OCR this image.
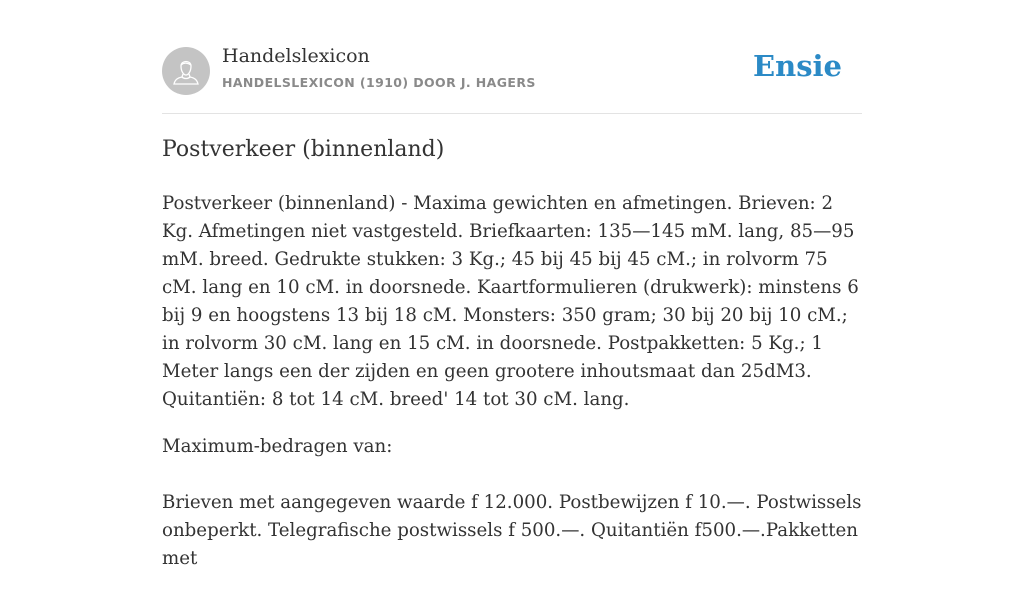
Handelslexicon
HANDELSLEXICON (1910) DOOR J. HAGERS	Ensie
Postverkeer (binnenland)

Postverkeer (binnenland) - Maxima gewichten en afmetingen. Brieven: 2 Kg. Afmetingen niet vastgesteld. Briefkaarten: 135—145 mM. lang, 85—95 mM. breed. Gedrukte stukken: 3 Kg.; 45 bij 45 bij 45 cM.; in rolvorm 75 cM. lang en 10 cM. in doorsnede. Kaartformulieren (drukwerk): minstens 6 bij 9 en hoogstens 13 bij 18 cM. Monsters: 350 gram; 30 bij 20 bij 10 cM.; in rolvorm 30 cM. lang en 15 cM. in doorsnede. Postpakketten: 5 Kg.; 1 Meter langs een der zijden en geen grootere inhoutsmaat dan 25dM3. Quitantiën: 8 tot 14 cM. breed' 14 tot 30 cM. lang.

Maximum-bedragen van:

Brieven met aangegeven waarde f 12.000. Postbewijzen f 10.—. Postwissels onbeperkt. Telegrafische postwissels f 500.—. Quitantiën f500.—.Pakketten met
